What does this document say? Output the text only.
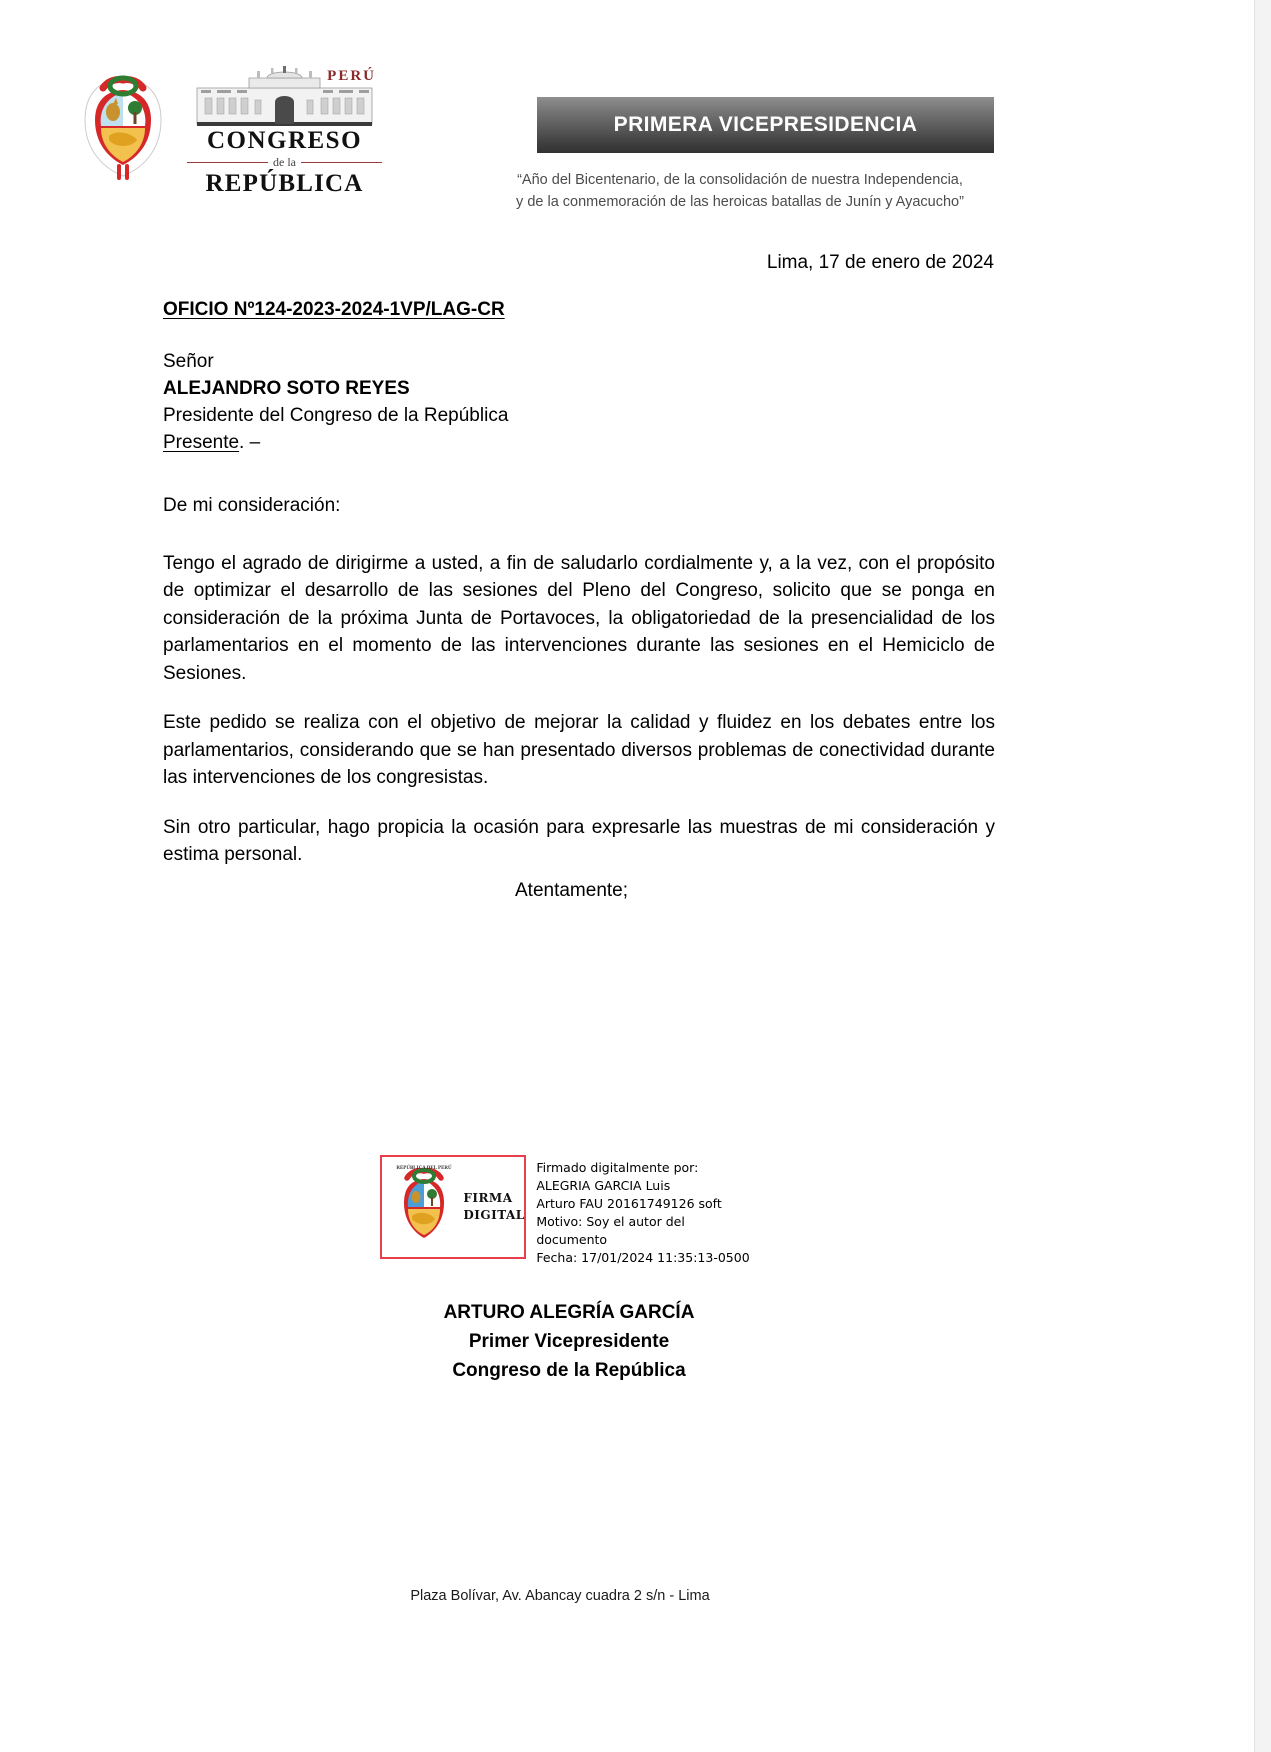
PERÚ
CONGRESO
de la
REPÚBLICA
PRIMERA VICEPRESIDENCIA
“Año del Bicentenario, de la consolidación de nuestra Independencia,
y de la conmemoración de las heroicas batallas de Junín y Ayacucho”
Lima, 17 de enero de 2024
OFICIO Nº124-2023-2024-1VP/LAG-CR
Señor
ALEJANDRO SOTO REYES
Presidente del Congreso de la República
Presente. –

De mi consideración:

Tengo el agrado de dirigirme a usted, a fin de saludarlo cordialmente y, a la vez, con el propósito de optimizar el desarrollo de las sesiones del Pleno del Congreso, solicito que se ponga en consideración de la próxima Junta de Portavoces, la obligatoriedad de la presencialidad de los parlamentarios en el momento de las intervenciones durante las sesiones en el Hemiciclo de Sesiones.

Este pedido se realiza con el objetivo de mejorar la calidad y fluidez en los debates entre los parlamentarios, considerando que se han presentado diversos problemas de conectividad durante las intervenciones de los congresistas.

Sin otro particular, hago propicia la ocasión para expresarle las muestras de mi consideración y estima personal.

Atentamente;
REPÚBLICA DEL PERÚ
FIRMA
DIGITAL
Firmado digitalmente por:
ALEGRIA GARCIA Luis
Arturo FAU 20161749126 soft
Motivo: Soy el autor del
documento
Fecha: 17/01/2024 11:35:13-0500
ARTURO ALEGRÍA GARCÍA
Primer Vicepresidente
Congreso de la República
Plaza Bolívar, Av. Abancay cuadra 2 s/n - Lima
